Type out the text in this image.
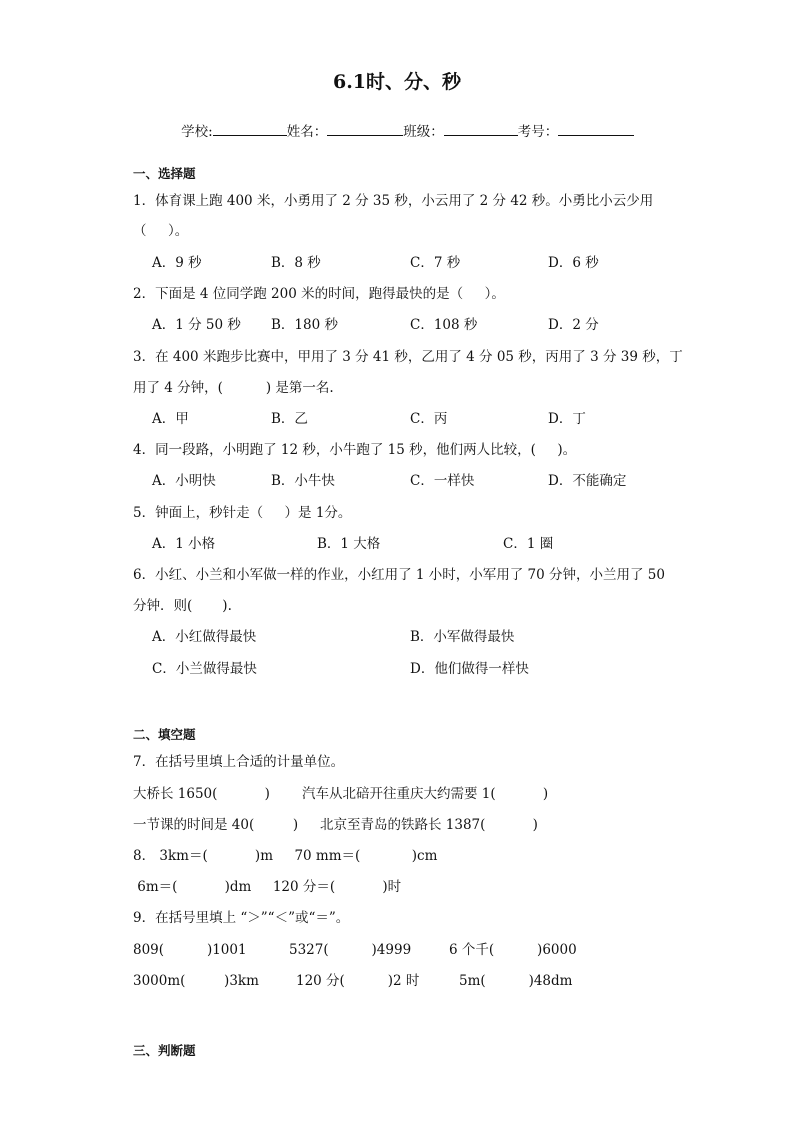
6.1时、分、秒

学校:	姓名：	班级：	考号：

一、选择题
1．体育课上跑 400 米，小勇用了 2 分 35 秒，小云用了 2 分 42 秒。小勇比小云少用
（     ）。
A．9 秒	B．8 秒	C．7 秒	D．6 秒
2．下面是 4 位同学跑 200 米的时间，跑得最快的是（     ）。
A．1 分 50 秒 B．180 秒	C．108 秒	D．2 分
3．在 400 米跑步比赛中，甲用了 3 分 41 秒，乙用了 4 分 05 秒，丙用了 3 分 39 秒，丁
用了 4 分钟，(          ) 是第一名.
A．甲	B．乙	C．丙	D．丁
4．同一段路，小明跑了 12 秒，小牛跑了 15 秒，他们两人比较，(     )。
A．小明快	B．小牛快	C．一样快	D．不能确定
5．钟面上，秒针走（     ）是 1分。
A．1 小格	B．1 大格	C．1 圈
6．小红、小兰和小军做一样的作业，小红用了 1 小时，小军用了 70 分钟，小兰用了 50
分钟．则(       ).
A．小红做得最快	B．小军做得最快
C．小兰做得最快	D．他们做得一样快
二、填空题
7．在括号里填上合适的计量单位。
大桥长 1650(           ) 汽车从北碚开往重庆大约需要 1(           )
一节课的时间是 40(         ) 北京至青岛的铁路长 1387(           )
8． 3km＝(           )m     70 mm＝(            )cm
6m＝(           )dm     120 分＝(           )时
9．在括号里填上 “＞”“＜”或“＝”。
809(          )1001	5327(          )4999	6 个千(          )6000
3000m(         )3km	120 分(          )2 时	5m(          )48dm
三、判断题
